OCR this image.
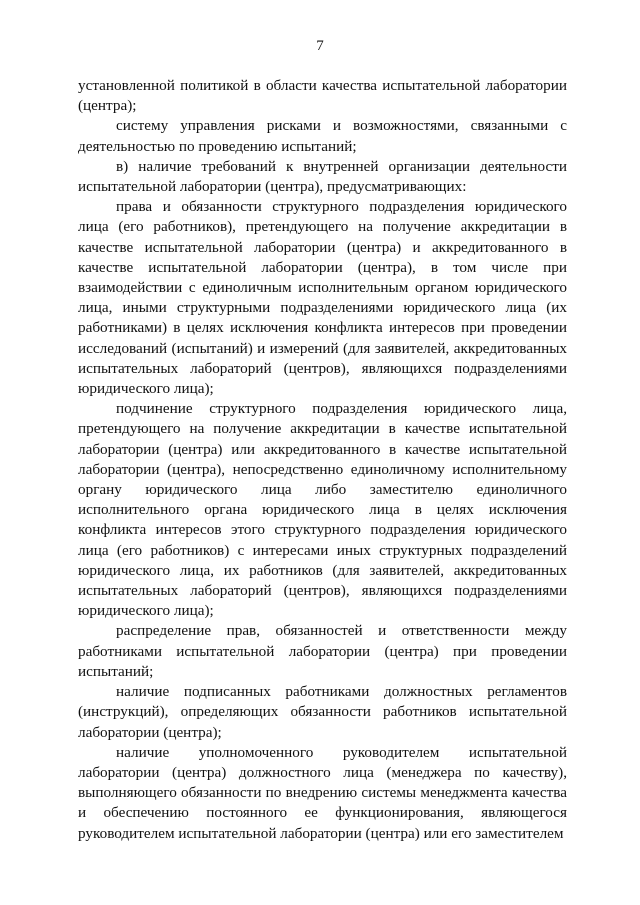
7

установленной политикой в области качества испытательной лаборатории (центра);

систему управления рисками и возможностями, связанными с деятельностью по проведению испытаний;

в) наличие требований к внутренней организации деятельности испытательной лаборатории (центра), предусматривающих:

права и обязанности структурного подразделения юридического лица (его работников), претендующего на получение аккредитации в качестве испытательной лаборатории (центра) и аккредитованного в качестве испытательной лаборатории (центра), в том числе при взаимодействии с единоличным исполнительным органом юридического лица, иными структурными подразделениями юридического лица (их работниками) в целях исключения конфликта интересов при проведении исследований (испытаний) и измерений (для заявителей, аккредитованных испытательных лабораторий (центров), являющихся подразделениями юридического лица);

подчинение структурного подразделения юридического лица, претендующего на получение аккредитации в качестве испытательной лаборатории (центра) или аккредитованного в качестве испытательной лаборатории (центра), непосредственно единоличному исполнительному органу юридического лица либо заместителю единоличного исполнительного органа юридического лица в целях исключения конфликта интересов этого структурного подразделения юридического лица (его работников) с интересами иных структурных подразделений юридического лица, их работников (для заявителей, аккредитованных испытательных лабораторий (центров), являющихся подразделениями юридического лица);

распределение прав, обязанностей и ответственности между работниками испытательной лаборатории (центра) при проведении испытаний;

наличие подписанных работниками должностных регламентов (инструкций), определяющих обязанности работников испытательной лаборатории (центра);

наличие уполномоченного руководителем испытательной лаборатории (центра) должностного лица (менеджера по качеству), выполняющего обязанности по внедрению системы менеджмента качества и обеспечению постоянного ее функционирования, являющегося руководителем испытательной лаборатории (центра) или его заместителем
